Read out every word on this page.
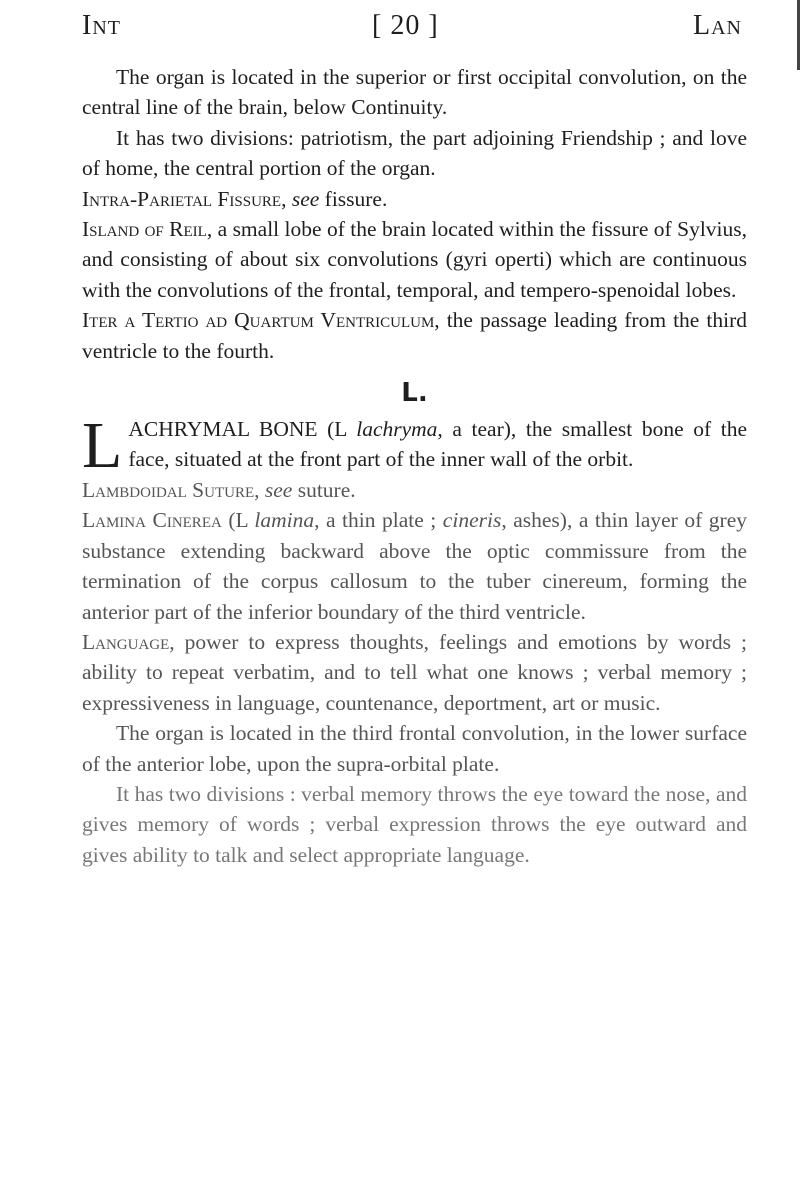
Int	[ 20 ]	Lan

The organ is located in the superior or first occipital convolution, on the central line of the brain, below Continuity.

It has two divisions: patriotism, the part adjoining Friendship ; and love of home, the central portion of the organ.

Intra-Parietal Fissure, see fissure.

Island of Reil, a small lobe of the brain located within the fissure of Sylvius, and consisting of about six convolutions (gyri operti) which are continuous with the convolutions of the frontal, temporal, and tempero-spenoidal lobes.

Iter a Tertio ad Quartum Ventriculum, the passage leading from the third ventricle to the fourth.

L.

LACHRYMAL BONE (L lachryma, a tear), the smallest bone of the face, situated at the front part of the inner wall of the orbit.

Lambdoidal Suture, see suture.

Lamina Cinerea (L lamina, a thin plate ; cineris, ashes), a thin layer of grey substance extending backward above the optic commissure from the termination of the corpus callosum to the tuber cinereum, forming the anterior part of the inferior boundary of the third ventricle.

Language, power to express thoughts, feelings and emotions by words ; ability to repeat verbatim, and to tell what one knows ; verbal memory ; expressiveness in language, countenance, deportment, art or music.

The organ is located in the third frontal convolution, in the lower surface of the anterior lobe, upon the supra-orbital plate.

It has two divisions : verbal memory throws the eye toward the nose, and gives memory of words ; verbal expression throws the eye outward and gives ability to talk and select appropriate language.
